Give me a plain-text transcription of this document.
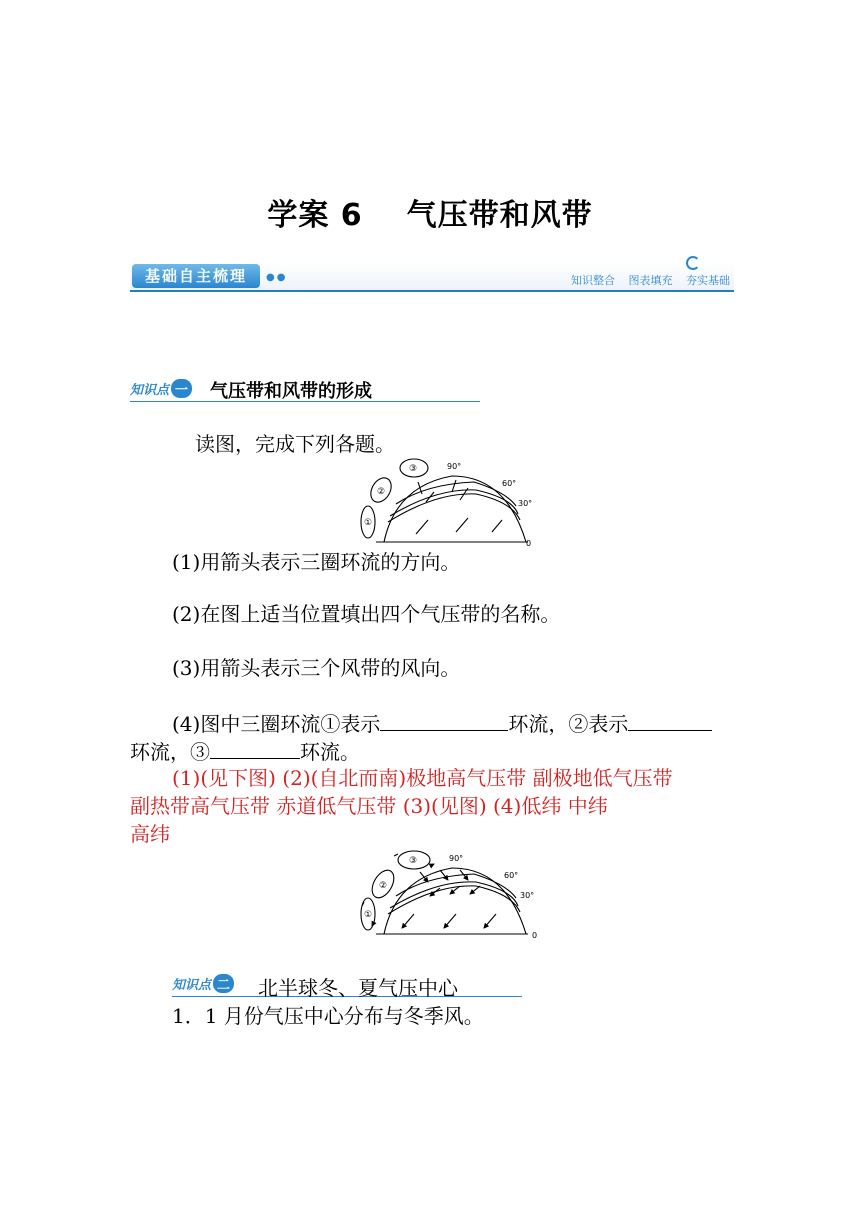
学案 6 气压带和风带
基础自主梳理	●●	知识整合 图表填充 夯实基础
知识点 一 气压带和风带的形成
读图，完成下列各题。
90°
60°
30°
0
①
②
③
(1)用箭头表示三圈环流的方向。
(2)在图上适当位置填出四个气压带的名称。
(3)用箭头表示三个风带的风向。
(4)图中三圈环流①表示	环流，②表示
环流，③	环流。
(1)(见下图) (2)(自北而南)极地高气压带 副极地低气压带
副热带高气压带 赤道低气压带 (3)(见图) (4)低纬 中纬
高纬
90°
60°
30°
0
①
②
③
知识点 二 北半球冬、夏气压中心
1．1 月份气压中心分布与冬季风。
